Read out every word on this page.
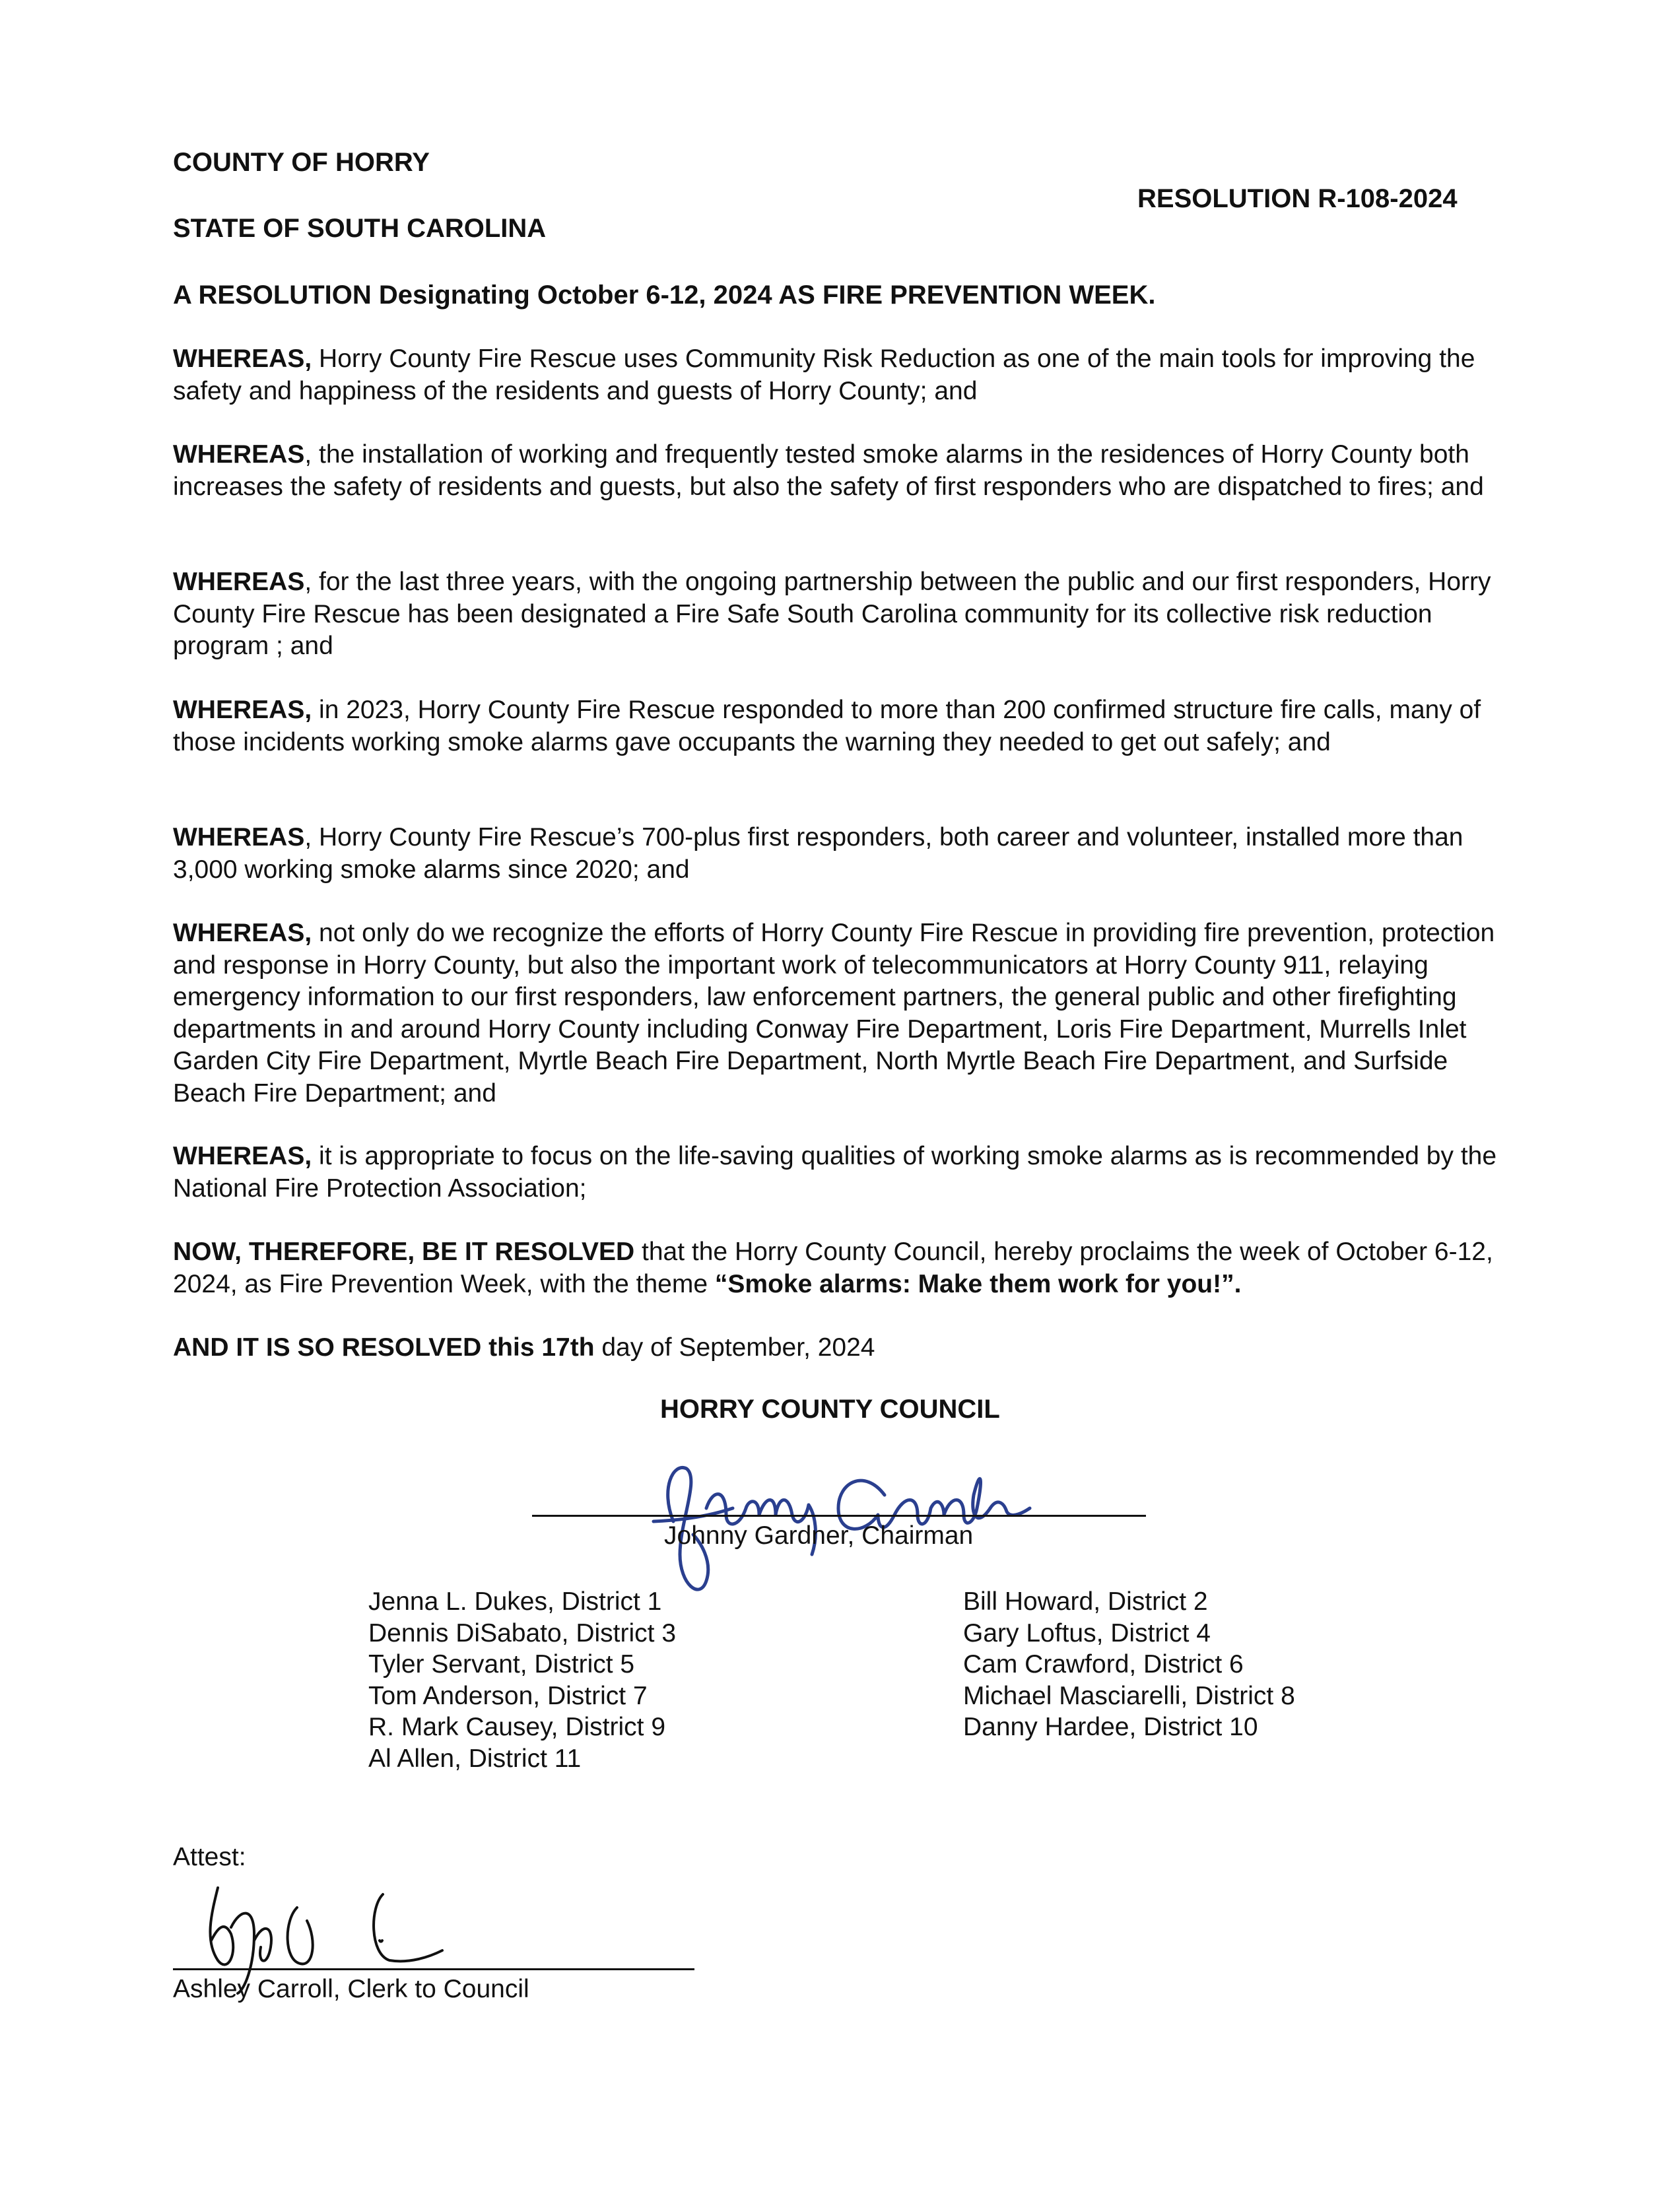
COUNTY OF HORRY
RESOLUTION R-108-2024
STATE OF SOUTH CAROLINA
A RESOLUTION Designating October 6-12, 2024 AS FIRE PREVENTION WEEK.
WHEREAS, Horry County Fire Rescue uses Community Risk Reduction as one of the main tools for improving the safety and happiness of the residents and guests of Horry County; and
WHEREAS, the installation of working and frequently tested smoke alarms in the residences of Horry County both increases the safety of residents and guests, but also the safety of first responders who are dispatched to fires; and
WHEREAS, for the last three years, with the ongoing partnership between the public and our first responders, Horry County Fire Rescue has been designated a Fire Safe South Carolina community for its collective risk reduction program ; and
WHEREAS, in 2023, Horry County Fire Rescue responded to more than 200 confirmed structure fire calls, many of those incidents working smoke alarms gave occupants the warning they needed to get out safely; and
WHEREAS, Horry County Fire Rescue’s 700-plus first responders, both career and volunteer, installed more than 3,000 working smoke alarms since 2020; and
WHEREAS, not only do we recognize the efforts of Horry County Fire Rescue in providing fire prevention, protection and response in Horry County, but also the important work of telecommunicators at Horry County 911, relaying emergency information to our first responders, law enforcement partners, the general public and other firefighting departments in and around Horry County including Conway Fire Department, Loris Fire Department, Murrells Inlet Garden City Fire Department, Myrtle Beach Fire Department, North Myrtle Beach Fire Department, and Surfside Beach Fire Department; and
WHEREAS, it is appropriate to focus on the life-saving qualities of working smoke alarms as is recommended by the National Fire Protection Association;
NOW, THEREFORE, BE IT RESOLVED that the Horry County Council, hereby proclaims the week of October 6-12, 2024, as Fire Prevention Week, with the theme “Smoke alarms: Make them work for you!”.
AND IT IS SO RESOLVED this 17th day of September, 2024
HORRY COUNTY COUNCIL
Johnny Gardner, Chairman
Jenna L. Dukes, District 1
Dennis DiSabato, District 3
Tyler Servant, District 5
Tom Anderson, District 7
R. Mark Causey, District 9
Al Allen, District 11
Bill Howard, District 2
Gary Loftus, District 4
Cam Crawford, District 6
Michael Masciarelli, District 8
Danny Hardee, District 10
Attest:
Ashley Carroll, Clerk to Council
